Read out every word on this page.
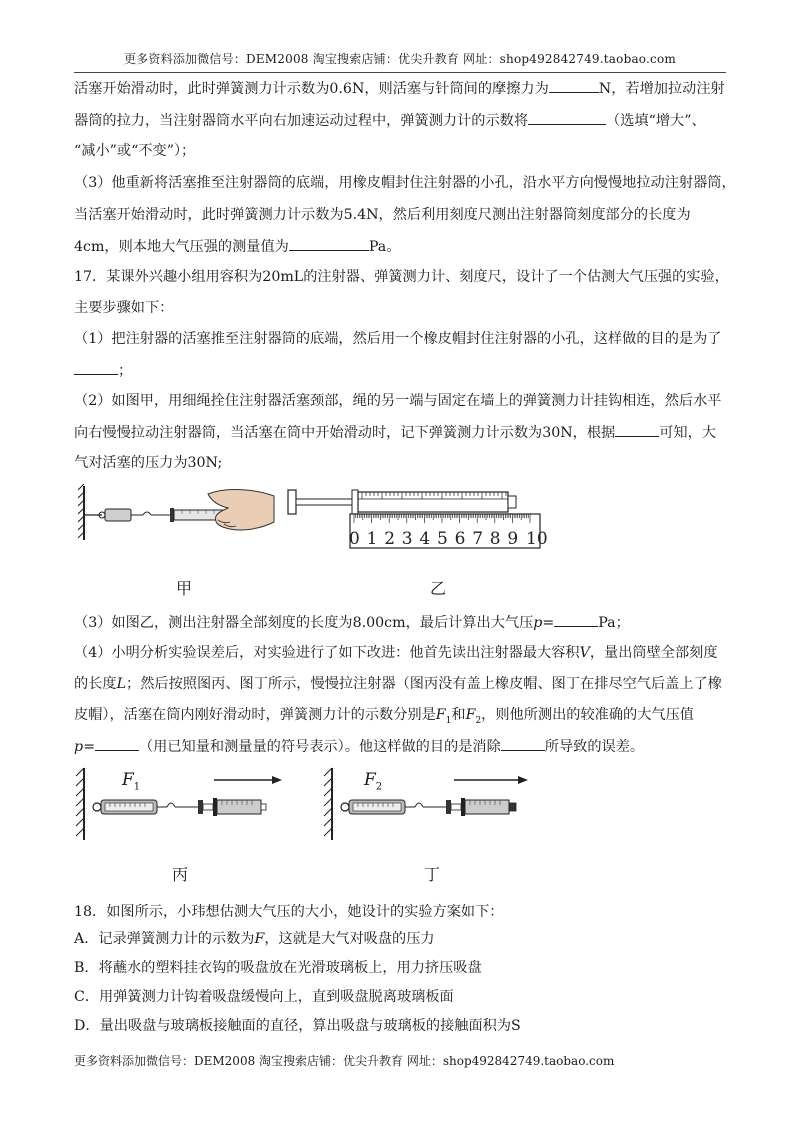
更多资料添加微信号：DEM2008 淘宝搜索店铺：优尖升教育 网址：shop492842749.taobao.com
活塞开始滑动时，此时弹簧测力计示数为0.6N，则活塞与针筒间的摩擦力为	N，若增加拉动注射
器筒的拉力，当注射器筒水平向右加速运动过程中，弹簧测力计的示数将	（选填“增大”、
“减小”或“不变”）；
（3）他重新将活塞推至注射器筒的底端，用橡皮帽封住注射器的小孔，沿水平方向慢慢地拉动注射器筒，
当活塞开始滑动时，此时弹簧测力计示数为5.4N，然后利用刻度尺测出注射器筒刻度部分的长度为
4cm，则本地大气压强的测量值为	Pa。
17．某课外兴趣小组用容积为20mL的注射器、弹簧测力计、刻度尺，设计了一个估测大气压强的实验，
主要步骤如下：
（1）把注射器的活塞推至注射器筒的底端，然后用一个橡皮帽封住注射器的小孔，这样做的目的是为了
；
（2）如图甲，用细绳拴住注射器活塞颈部，绳的另一端与固定在墙上的弹簧测力计挂钩相连，然后水平
向右慢慢拉动注射器筒，当活塞在筒中开始滑动时，记下弹簧测力计示数为30N，根据	可知，大
气对活塞的压力为30N;
0 1 2 3 4 5 6 7 8 9 10
甲	乙
（3）如图乙，测出注射器全部刻度的长度为8.00cm，最后计算出大气压p=	Pa；
（4）小明分析实验误差后，对实验进行了如下改进：他首先读出注射器最大容积V，量出筒壁全部刻度
的长度L；然后按照图丙、图丁所示，慢慢拉注射器（图丙没有盖上橡皮帽、图丁在排尽空气后盖上了橡
皮帽），活塞在筒内刚好滑动时，弹簧测力计的示数分别是$F_1$和$F_2$，则他所测出的较准确的大气压值
p=	（用已知量和测量量的符号表示）。他这样做的目的是消除	所导致的误差。
$F_1$	$F_2$
丙	丁
18．如图所示，小玮想估测大气压的大小，她设计的实验方案如下：
A．记录弹簧测力计的示数为F，这就是大气对吸盘的压力
B．将蘸水的塑料挂衣钩的吸盘放在光滑玻璃板上，用力挤压吸盘
C．用弹簧测力计钩着吸盘缓慢向上，直到吸盘脱离玻璃板面
D．量出吸盘与玻璃板接触面的直径，算出吸盘与玻璃板的接触面积为S
更多资料添加微信号：DEM2008 淘宝搜索店铺：优尖升教育 网址：shop492842749.taobao.com
